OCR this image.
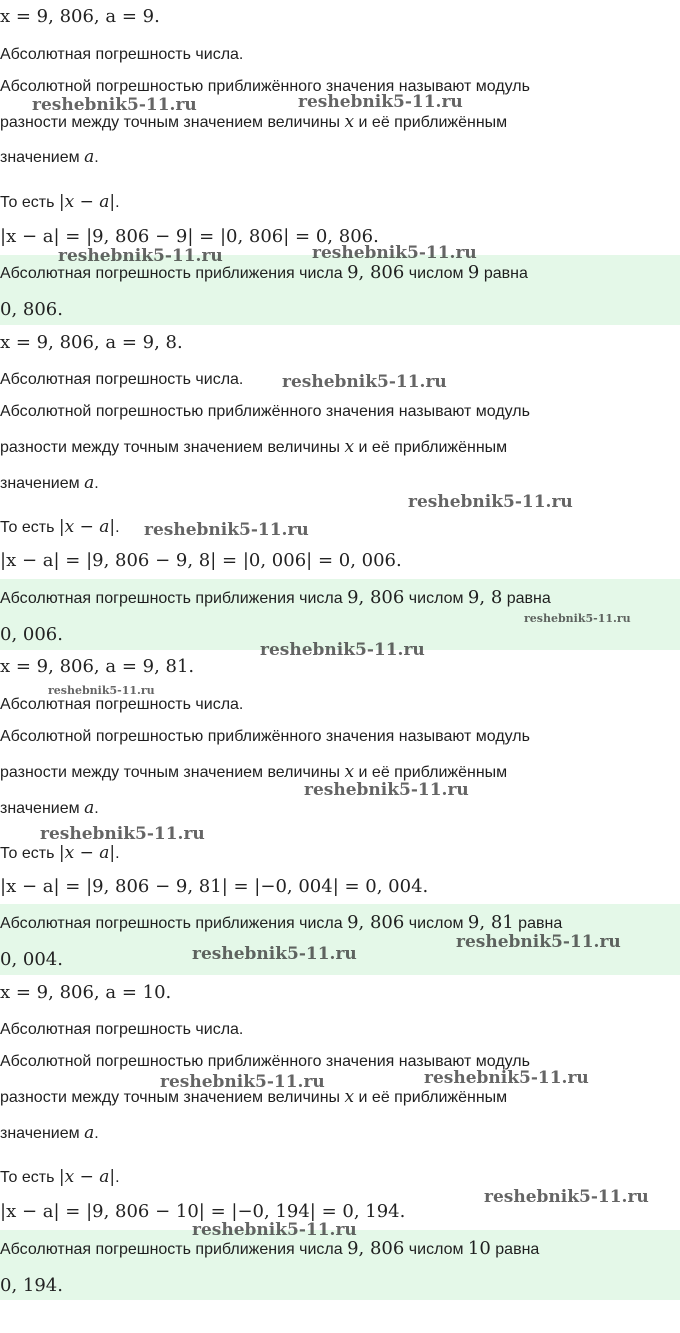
x = 9, 806, a = 9.
Абсолютная погрешность числа.
Абсолютной погрешностью приближённого значения называют модуль
разности между точным значением величины x и её приближённым
значением a.
То есть |x − a|.
|x − a| = |9, 806 − 9| = |0, 806| = 0, 806.
Абсолютная погрешность приближения числа 9, 806 числом 9 равна
0, 806.
x = 9, 806, a = 9, 8.
Абсолютная погрешность числа.
Абсолютной погрешностью приближённого значения называют модуль
разности между точным значением величины x и её приближённым
значением a.
То есть |x − a|.
|x − a| = |9, 806 − 9, 8| = |0, 006| = 0, 006.
Абсолютная погрешность приближения числа 9, 806 числом 9, 8 равна
0, 006.
x = 9, 806, a = 9, 81.
Абсолютная погрешность числа.
Абсолютной погрешностью приближённого значения называют модуль
разности между точным значением величины x и её приближённым
значением a.
То есть |x − a|.
|x − a| = |9, 806 − 9, 81| = |−0, 004| = 0, 004.
Абсолютная погрешность приближения числа 9, 806 числом 9, 81 равна
0, 004.
x = 9, 806, a = 10.
Абсолютная погрешность числа.
Абсолютной погрешностью приближённого значения называют модуль
разности между точным значением величины x и её приближённым
значением a.
То есть |x − a|.
|x − a| = |9, 806 − 10| = |−0, 194| = 0, 194.
Абсолютная погрешность приближения числа 9, 806 числом 10 равна
0, 194.
reshebnik5-11.ru	reshebnik5-11.ru
reshebnik5-11.ru	reshebnik5-11.ru
reshebnik5-11.ru
reshebnik5-11.ru
reshebnik5-11.ru
reshebnik5-11.ru
reshebnik5-11.ru
reshebnik5-11.ru
reshebnik5-11.ru
reshebnik5-11.ru
reshebnik5-11.ru
reshebnik5-11.ru
reshebnik5-11.ru
reshebnik5-11.ru
reshebnik5-11.ru
reshebnik5-11.ru
